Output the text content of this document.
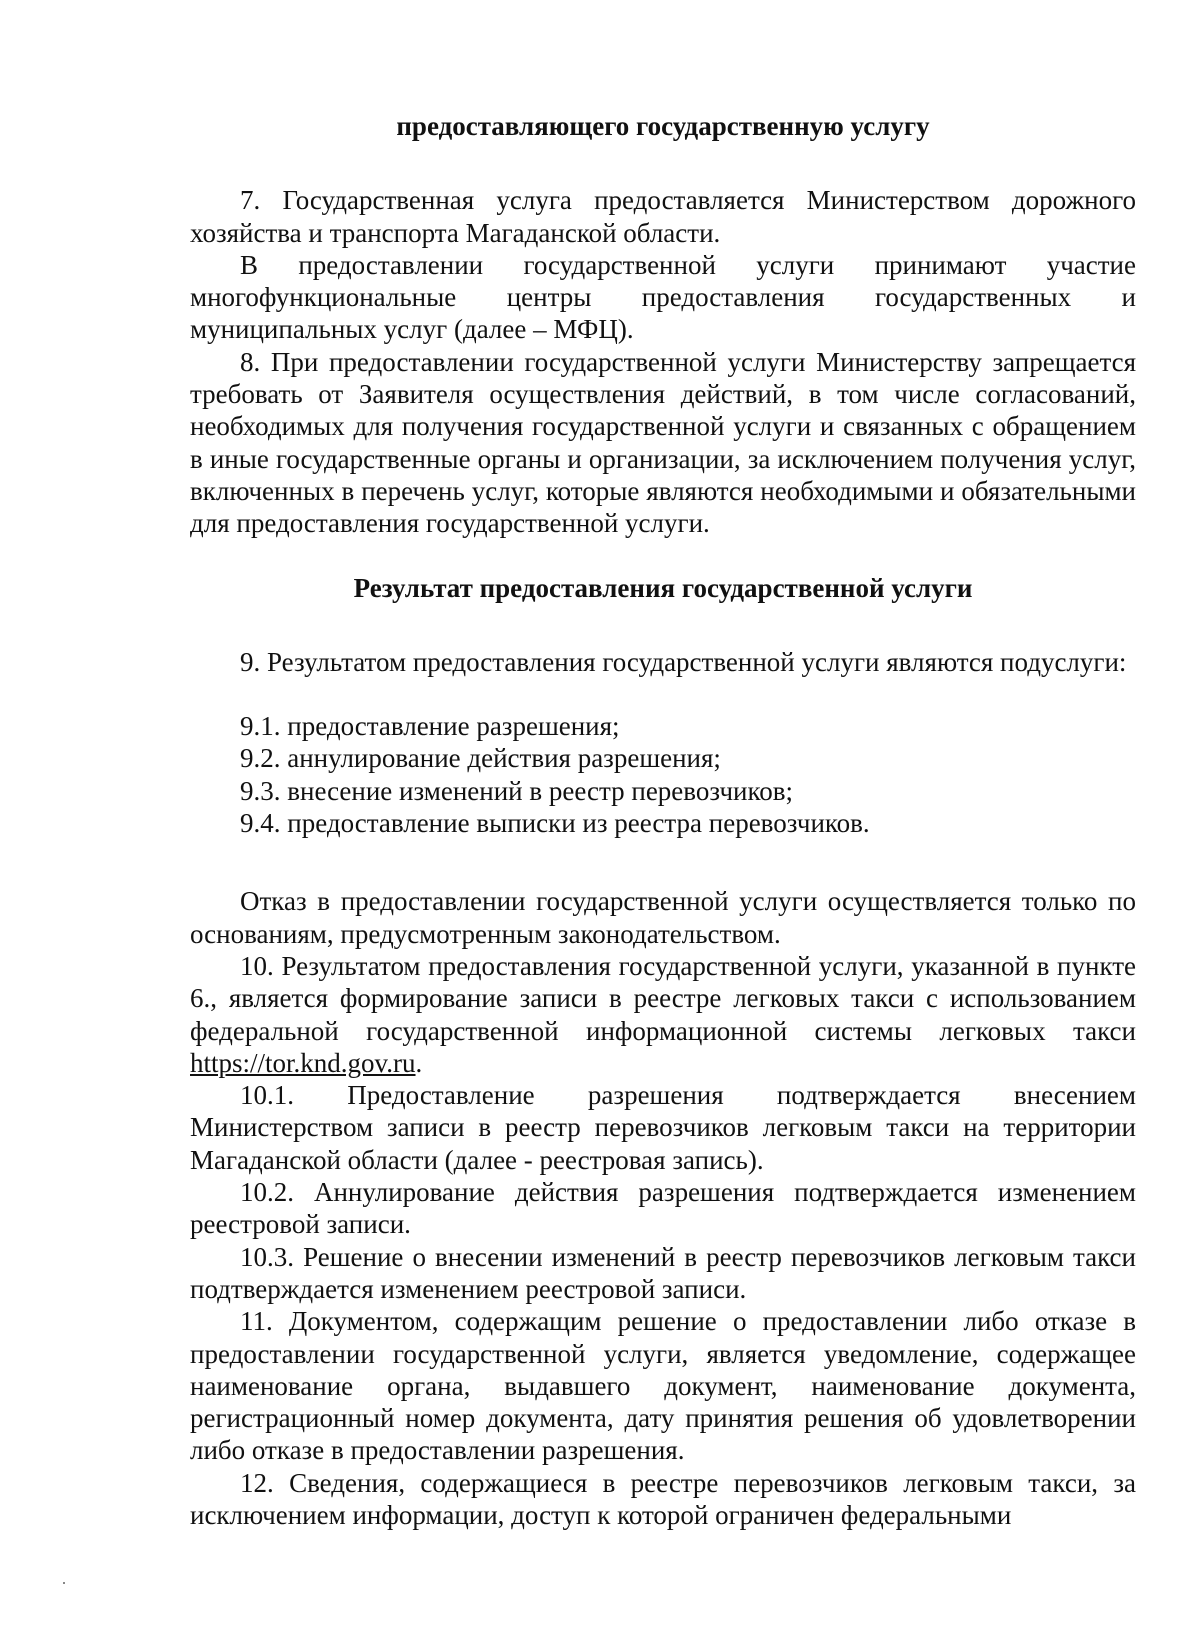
предоставляющего государственную услугу

7. Государственная услуга предоставляется Министерством дорожного хозяйства и транспорта Магаданской области.

В предоставлении государственной услуги принимают участие многофункциональные центры предоставления государственных и муниципальных услуг (далее – МФЦ).

8. При предоставлении государственной услуги Министерству запрещается требовать от Заявителя осуществления действий, в том числе согласований, необходимых для получения государственной услуги и связанных с обращением в иные государственные органы и организации, за исключением получения услуг, включенных в перечень услуг, которые являются необходимыми и обязательными для предоставления государственной услуги.

Результат предоставления государственной услуги

9. Результатом предоставления государственной услуги являются подуслуги:

9.1. предоставление разрешения;

9.2. аннулирование действия разрешения;

9.3. внесение изменений в реестр перевозчиков;

9.4. предоставление выписки из реестра перевозчиков.

Отказ в предоставлении государственной услуги осуществляется только по основаниям, предусмотренным законодательством.

10. Результатом предоставления государственной услуги, указанной в пункте 6., является формирование записи в реестре легковых такси с использованием федеральной государственной информационной системы легковых такси https://tor.knd.gov.ru.

10.1. Предоставление разрешения подтверждается внесением Министерством записи в реестр перевозчиков легковым такси на территории Магаданской области (далее - реестровая запись).

10.2. Аннулирование действия разрешения подтверждается изменением реестровой записи.

10.3. Решение о внесении изменений в реестр перевозчиков легковым такси подтверждается изменением реестровой записи.

11. Документом, содержащим решение о предоставлении либо отказе в предоставлении государственной услуги, является уведомление, содержащее наименование органа, выдавшего документ, наименование документа, регистрационный номер документа, дату принятия решения об удовлетворении либо отказе в предоставлении разрешения.

12. Сведения, содержащиеся в реестре перевозчиков легковым такси, за исключением информации, доступ к которой ограничен федеральными
